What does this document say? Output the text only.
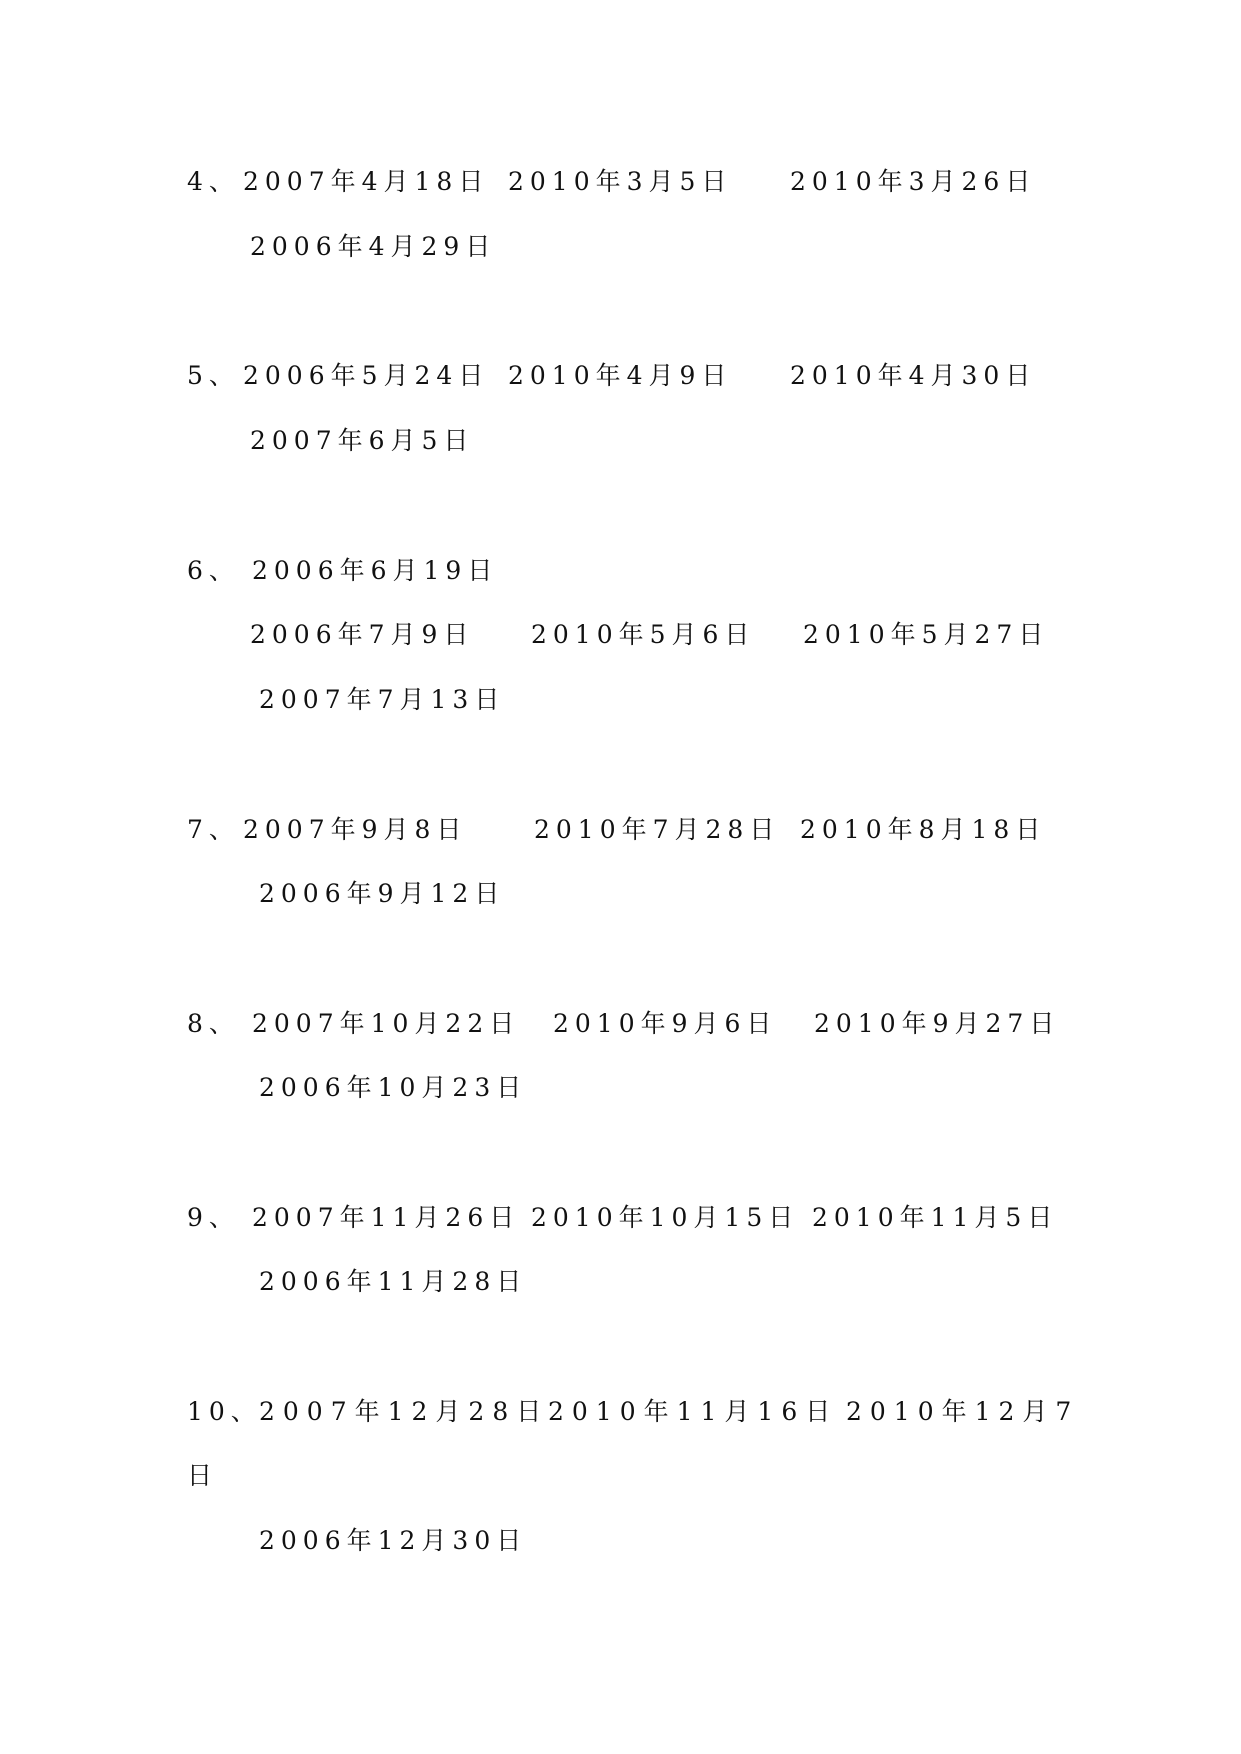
4、 2007年4月18日 2010年3月5日 2010年3月26日
2006年4月29日
5、 2006年5月24日 2010年4月9日 2010年4月30日
2007年6月5日
6、 2006年6月19日
2006年7月9日 2010年5月6日 2010年5月27日
2007年7月13日
7、 2007年9月8日	2010年7月28日 2010年8月18日
2006年9月12日
8、 2007年10月22日 2010年9月6日 2010年9月27日
2006年10月23日
9、 2007年11月26日 2010年10月15日 2010年11月5日
2006年11月28日
10、
2007年12月28日
2010年11月16日 2010年12月7
日
2006年12月30日
